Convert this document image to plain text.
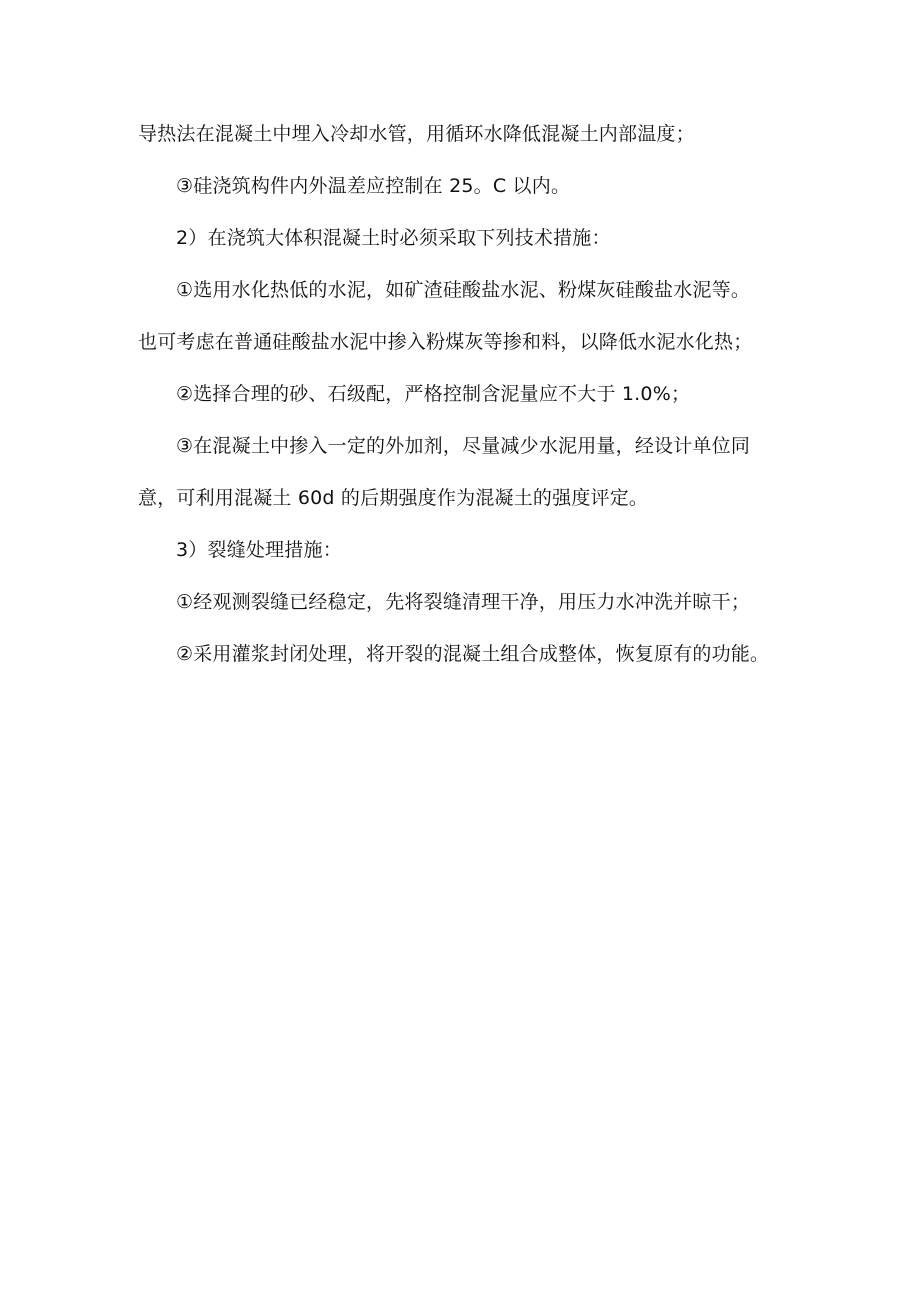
导热法在混凝土中埋入冷却水管，用循环水降低混凝土内部温度；

③硅浇筑构件内外温差应控制在 25。C 以内。

2）在浇筑大体积混凝土时必须采取下列技术措施：

①选用水化热低的水泥，如矿渣硅酸盐水泥、粉煤灰硅酸盐水泥等。

也可考虑在普通硅酸盐水泥中掺入粉煤灰等掺和料，以降低水泥水化热；

②选择合理的砂、石级配，严格控制含泥量应不大于 1.0%；

③在混凝土中掺入一定的外加剂，尽量减少水泥用量，经设计单位同

意，可利用混凝土 60d 的后期强度作为混凝土的强度评定。

3）裂缝处理措施：

①经观测裂缝已经稳定，先将裂缝清理干净，用压力水冲洗并晾干；

②采用灌浆封闭处理，将开裂的混凝土组合成整体，恢复原有的功能。
